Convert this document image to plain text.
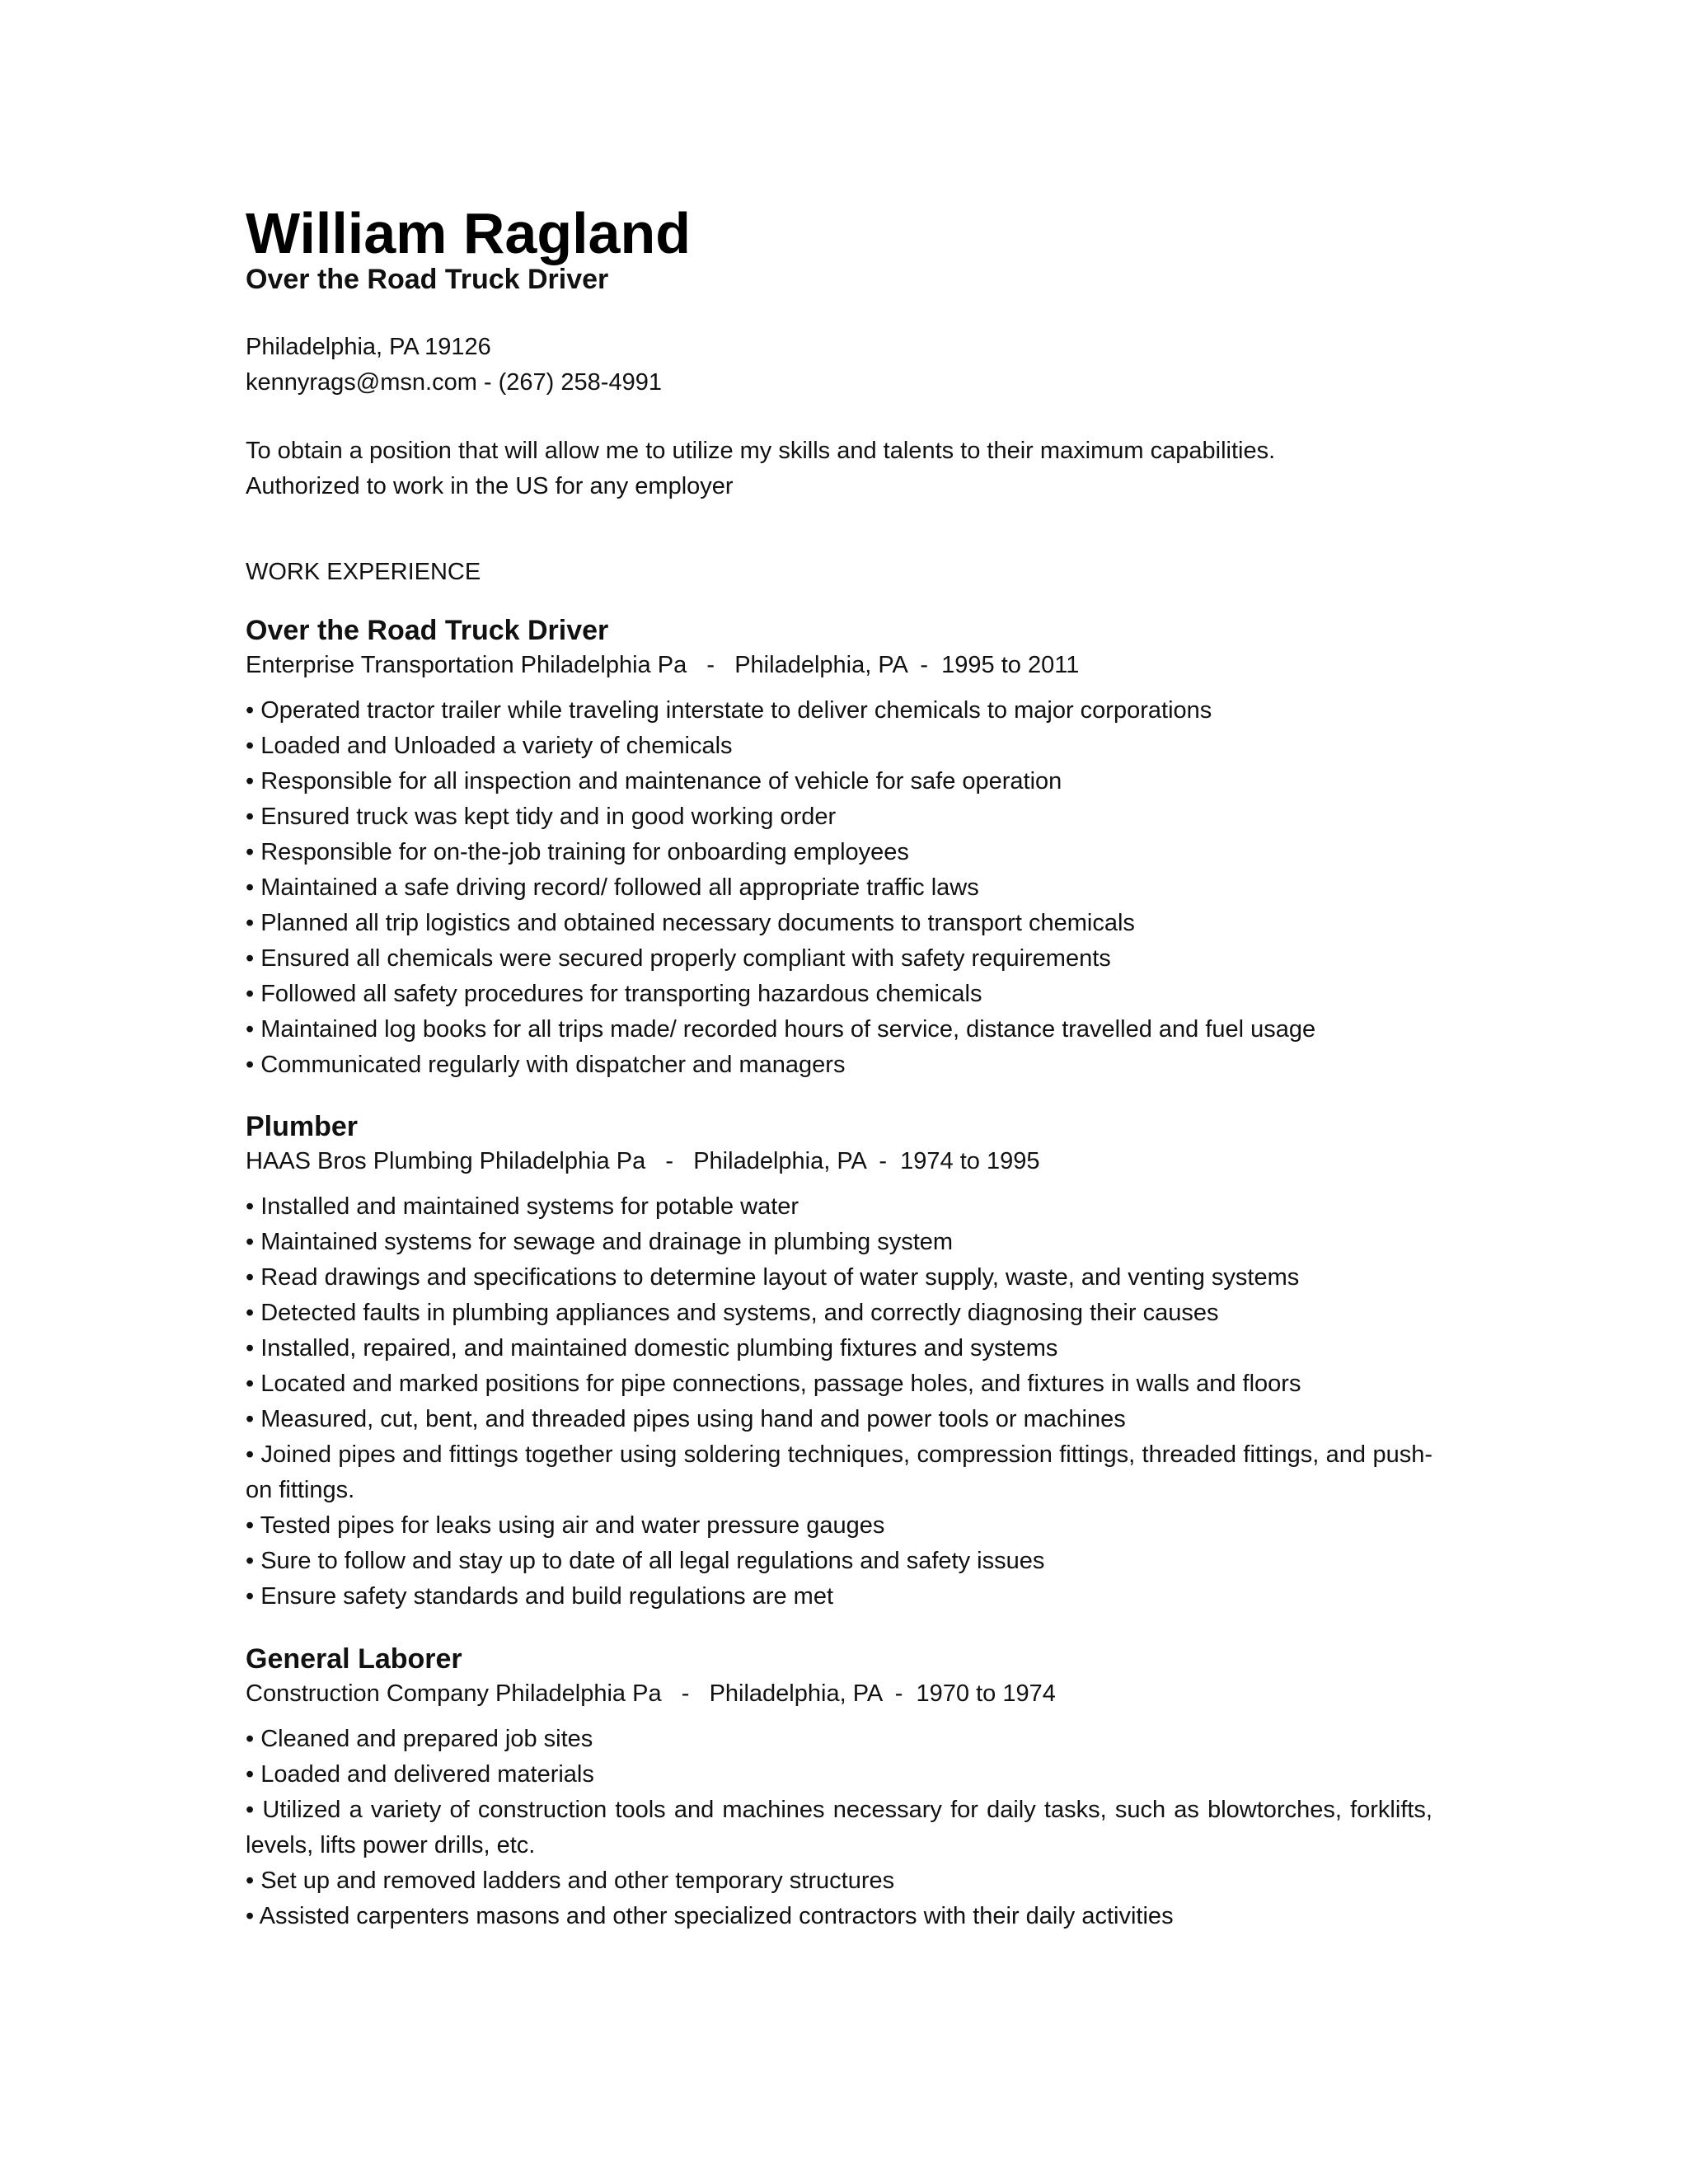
William Ragland
Over the Road Truck Driver
Philadelphia, PA 19126
kennyrags@msn.com - (267) 258-4991
To obtain a position that will allow me to utilize my skills and talents to their maximum capabilities.
Authorized to work in the US for any employer
WORK EXPERIENCE
Over the Road Truck Driver
Enterprise Transportation Philadelphia Pa   -   Philadelphia, PA  -  1995 to 2011
• Operated tractor trailer while traveling interstate to deliver chemicals to major corporations
• Loaded and Unloaded a variety of chemicals
• Responsible for all inspection and maintenance of vehicle for safe operation
• Ensured truck was kept tidy and in good working order
• Responsible for on-the-job training for onboarding employees
• Maintained a safe driving record/ followed all appropriate traffic laws
• Planned all trip logistics and obtained necessary documents to transport chemicals
• Ensured all chemicals were secured properly compliant with safety requirements
• Followed all safety procedures for transporting hazardous chemicals
• Maintained log books for all trips made/ recorded hours of service, distance travelled and fuel usage
• Communicated regularly with dispatcher and managers
Plumber
HAAS Bros Plumbing Philadelphia Pa   -   Philadelphia, PA  -  1974 to 1995
• Installed and maintained systems for potable water
• Maintained systems for sewage and drainage in plumbing system
• Read drawings and specifications to determine layout of water supply, waste, and venting systems
• Detected faults in plumbing appliances and systems, and correctly diagnosing their causes
• Installed, repaired, and maintained domestic plumbing fixtures and systems
• Located and marked positions for pipe connections, passage holes, and fixtures in walls and floors
• Measured, cut, bent, and threaded pipes using hand and power tools or machines
• Joined pipes and fittings together using soldering techniques, compression fittings, threaded fittings, and push-on fittings.
• Tested pipes for leaks using air and water pressure gauges
• Sure to follow and stay up to date of all legal regulations and safety issues
• Ensure safety standards and build regulations are met
General Laborer
Construction Company Philadelphia Pa   -   Philadelphia, PA  -  1970 to 1974
• Cleaned and prepared job sites
• Loaded and delivered materials
• Utilized a variety of construction tools and machines necessary for daily tasks, such as blowtorches, forklifts, levels, lifts power drills, etc.
• Set up and removed ladders and other temporary structures
• Assisted carpenters masons and other specialized contractors with their daily activities
